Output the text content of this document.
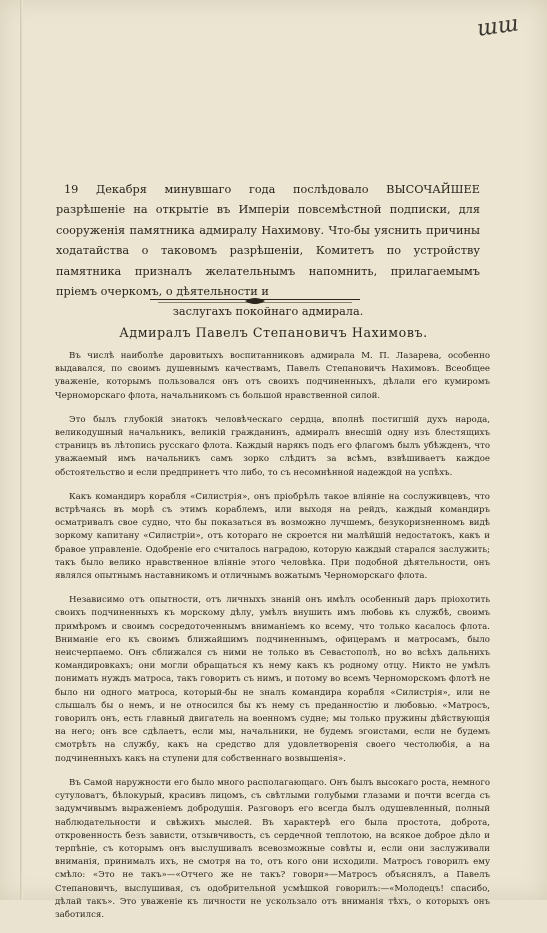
ɯɯ

19 Декабря минувшаго года послѣдовало ВЫСОЧАЙШЕЕ разрѣшеніе на открытіе въ Имперіи повсемѣстной подписки, для сооруженія памятника адмиралу Нахимову. Что-бы уяснить причины ходатайства о таковомъ разрѣшеніи, Комитетъ по устройству памятника призналъ желательнымъ напомнить, прилагаемымъ пріемъ очеркомъ, о дѣятельности и
заслугахъ покойнаго адмирала.

Адмиралъ Павелъ Степановичъ Нахимовъ.

Въ числѣ наиболѣе даровитыхъ воспитанниковъ адмирала М. П. Лазарева, особенно выдавался, по своимъ душевнымъ качествамъ, Павелъ Степановичъ Нахимовъ. Всеобщее уваженіе, которымъ пользовался онъ отъ своихъ подчиненныхъ, дѣлали его кумиромъ Черноморскаго флота, начальникомъ съ большой нравственной силой.

Это былъ глубокій знатокъ человѣческаго сердца, вполнѣ постигшій духъ народа, великодушный начальникъ, великій гражданинъ, адмиралъ внесшій одну изъ блестящихъ страницъ въ лѣтопись русскаго флота. Каждый нарякъ подъ его флагомъ былъ убѣжденъ, что уважаемый имъ начальникъ самъ зорко слѣдитъ за всѣмъ, взвѣшиваетъ каждое обстоятельство и если предпринетъ что либо, то съ несомнѣнной надеждой на успѣхъ.

Какъ командиръ корабля «Силистрія», онъ пріобрѣлъ такое вліяніе на сослуживцевъ, что встрѣчаясь въ морѣ съ этимъ кораблемъ, или выходя на рейдъ, каждый командиръ осматривалъ свое судно, что бы показаться въ возможно лучшемъ, безукоризненномъ видѣ зоркому капитану «Силистріи», отъ котораго не скроется ни малѣйшій недостатокъ, какъ и бравое управленіе. Одобреніе его считалось наградою, которую каждый старался заслужить; такъ было велико нравственное вліяніе этого человѣка. При подобной дѣятельности, онъ являлся опытнымъ наставникомъ и отличнымъ вожатымъ Черноморскаго флота.

Независимо отъ опытности, отъ личныхъ знаній онъ имѣлъ особенный даръ пріохотить своихъ подчиненныхъ къ морскому дѣлу, умѣлъ внушить имъ любовь къ службѣ, своимъ примѣромъ и своимъ сосредоточеннымъ вниманіемъ ко всему, что только касалось флота. Вниманіе его къ своимъ ближайшимъ подчиненнымъ, офицерамъ и матросамъ, было неисчерпаемо. Онъ сближался съ ними не только въ Севастополѣ, но во всѣхъ дальнихъ командировкахъ; они могли обращаться къ нему какъ къ родному отцу. Никто не умѣлъ понимать нуждъ матроса, такъ говорить съ нимъ, и потому во всемъ Черноморскомъ флотѣ не было ни одного матроса, который-бы не зналъ командира корабля «Силистрія», или не слышалъ бы о немъ, и не относился бы къ нему съ преданностію и любовью. «Матросъ, говорилъ онъ, есть главный двигатель на военномъ судне; мы только пружины дѣйствующія на него; онъ все сдѣлаетъ, если мы, начальники, не будемъ эгоистами, если не будемъ смотрѣть на службу, какъ на средство для удовлетворенія своего честолюбія, а на подчиненныхъ какъ на ступени для собственнаго возвышенія».

Въ Самой наружности его было много располагающаго. Онъ былъ высокаго роста, немного сутуловатъ, бѣлокурый, красивъ лицомъ, съ свѣтлыми голубыми глазами и почти всегда съ задумчивымъ выраженіемъ добродушія. Разговоръ его всегда былъ одушевленный, полный наблюдательности и свѣжихъ мыслей. Въ характерѣ его была простота, доброта, откровенность безъ зависти, отзывчивость, съ сердечной теплотою, на всякое доброе дѣло и терпѣніе, съ которымъ онъ выслушивалъ всевозможные совѣты и, если они заслуживали вниманія, принималъ ихъ, не смотря на то, отъ кого они исходили. Матросъ говорилъ ему смѣло: «Это не такъ»—«Отчего же не такъ? говори»—Матросъ объяснялъ, а Павелъ Степановичъ, выслушивая, съ одобрительной усмѣшкой говорилъ:—«Молодецъ! спасибо, дѣлай такъ». Это уваженіе къ личности не ускользало отъ вниманія тѣхъ, о которыхъ онъ заботился.
